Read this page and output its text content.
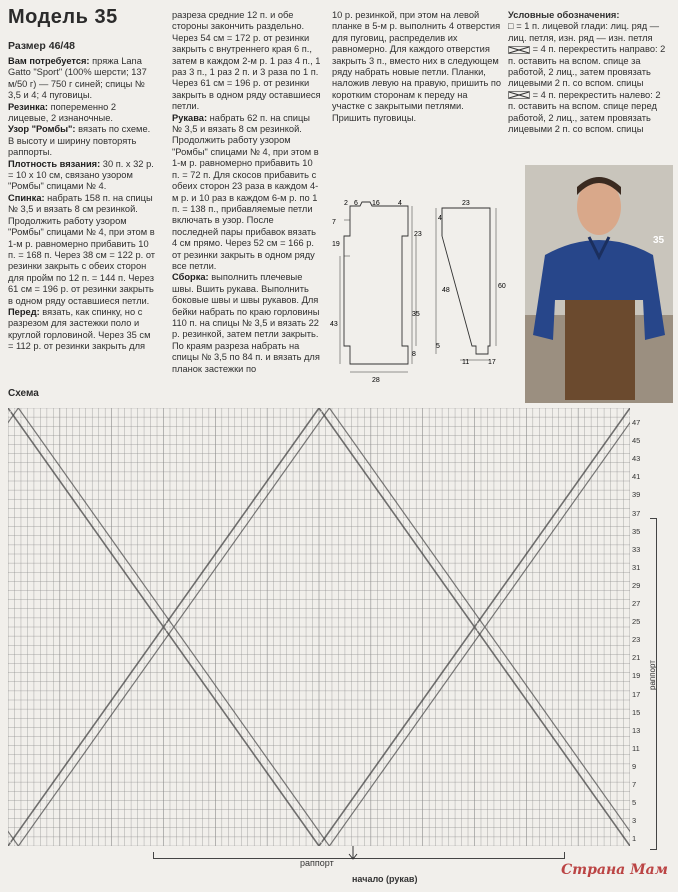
Модель 35
Размер 46/48

Вам потребуется: пряжа Lana Gatto "Sport" (100% шерсти; 137 м/50 г) — 750 г синей; спицы № 3,5 и 4; 4 пуговицы.

Резинка: попеременно 2 лицевые, 2 изнаночные.

Узор "Ромбы": вязать по схеме. В высоту и ширину повторять раппорты.

Плотность вязания: 30 п. х 32 р. = 10 х 10 см, связано узором "Ромбы" спицами № 4.

Спинка: набрать 158 п. на спицы № 3,5 и вязать 8 см резинкой. Продолжить работу узором "Ромбы" спицами № 4, при этом в 1-м р. равномерно прибавить 10 п. = 168 п. Через 38 см = 122 р. от резинки закрыть с обеих сторон для пройм по 12 п. = 144 п. Через 61 см = 196 р. от резинки закрыть в одном ряду оставшиеся петли.

Перед: вязать, как спинку, но с разрезом для застежки поло и круглой горловиной. Через 35 см = 112 р. от резинки закрыть для

разреза средние 12 п. и обе стороны закончить раздельно. Через 54 см = 172 р. от резинки закрыть с внутреннего края 6 п., затем в каждом 2-м р. 1 раз 4 п., 1 раз 3 п., 1 раз 2 п. и 3 раза по 1 п. Через 61 см = 196 р. от резинки закрыть в одном ряду оставшиеся петли.

Рукава: набрать 62 п. на спицы № 3,5 и вязать 8 см резинкой. Продолжить работу узором "Ромбы" спицами № 4, при этом в 1-м р. равномерно прибавить 10 п. = 72 п. Для скосов прибавить с обеих сторон 23 раза в каждом 4-м р. и 10 раз в каждом 6-м р. по 1 п. = 138 п., прибавляемые петли включать в узор. После последней пары прибавок вязать 4 см прямо. Через 52 см = 166 р. от резинки закрыть в одном ряду все петли.

Сборка: выполнить плечевые швы. Вшить рукава. Выполнить боковые швы и швы рукавов. Для бейки набрать по краю горловины 110 п. на спицы № 3,5 и вязать 22 р. резинкой, затем петли закрыть. По краям разреза набрать на спицы № 3,5 по 84 п. и вязать для планок застежки по

10 р. резинкой, при этом на левой планке в 5-м р. выполнить 4 отверстия для пуговиц, распределив их равномерно. Для каждого отверстия закрыть 3 п., вместо них в следующем ряду набрать новые петли. Планки, наложив левую на правую, пришить по коротким сторонам к переду на участке с закрытыми петлями. Пришить пуговицы.

Условные обозначения:

□ = 1 п. лицевой глади: лиц. ряд — лиц. петля, изн. ряд — изн. петля

= 4 п. перекрестить направо: 2 п. оставить на вспом. спице за работой, 2 лиц., затем провязать лицевыми 2 п. со вспом. спицы

= 4 п. перекрестить налево: 2 п. оставить на вспом. спице перед работой, 2 лиц., затем провязать лицевыми 2 п. со вспом. спицы

2 6 16	4
7
19
23
43
35
8
28
23
4
48
60
5
11	17
35
Схема
47
45
43
41
39
37
35
33
31
29
27
25
23
21
19
17
15
13
11
9
7
5
3
1
раппорт
раппорт
начало (рукав)
Страна Мам
